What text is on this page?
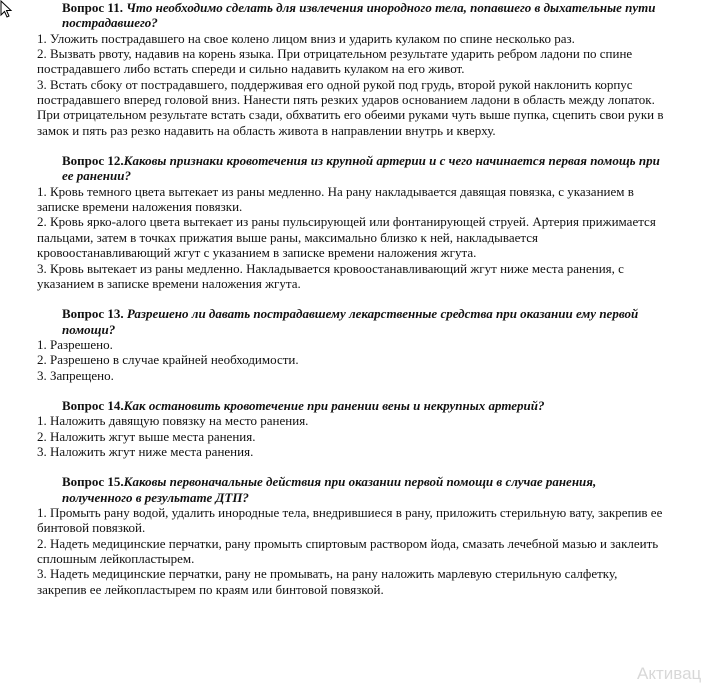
Вопрос 11. Что необходимо сделать для извлечения инородного тела, попавшего в дыхательные пути
пострадавшего?
1. Уложить пострадавшего на свое колено лицом вниз и ударить кулаком по спине несколько раз.
2. Вызвать рвоту, надавив на корень языка. При отрицательном результате ударить ребром ладони по спине
пострадавшего либо встать спереди и сильно надавить кулаком на его живот.
3. Встать сбоку от пострадавшего, поддерживая его одной рукой под грудь, второй рукой наклонить корпус
пострадавшего вперед головой вниз. Нанести пять резких ударов основанием ладони в область между лопаток.
При отрицательном результате встать сзади, обхватить его обеими руками чуть выше пупка, сцепить свои руки в
замок и пять раз резко надавить на область живота в направлении внутрь и кверху.
Вопрос 12.Каковы признаки кровотечения из крупной артерии и с чего начинается первая помощь при
ее ранении?
1. Кровь темного цвета вытекает из раны медленно. На рану накладывается давящая повязка, с указанием в
записке времени наложения повязки.
2. Кровь ярко-алого цвета вытекает из раны пульсирующей или фонтанирующей струей. Артерия прижимается
пальцами, затем в точках прижатия выше раны, максимально близко к ней, накладывается
кровоостанавливающий жгут с указанием в записке времени наложения жгута.
3. Кровь вытекает из раны медленно. Накладывается кровоостанавливающий жгут ниже места ранения, с
указанием в записке времени наложения жгута.
Вопрос 13. Разрешено ли давать пострадавшему лекарственные средства при оказании ему первой
помощи?
1. Разрешено.
2. Разрешено в случае крайней необходимости.
3. Запрещено.
Вопрос 14.Как остановить кровотечение при ранении вены и некрупных артерий?
1. Наложить давящую повязку на место ранения.
2. Наложить жгут выше места ранения.
3. Наложить жгут ниже места ранения.
Вопрос 15.Каковы первоначальные действия при оказании первой помощи в случае ранения,
полученного в результате ДТП?
1. Промыть рану водой, удалить инородные тела, внедрившиеся в рану, приложить стерильную вату, закрепив ее
бинтовой повязкой.
2. Надеть медицинские перчатки, рану промыть спиртовым раствором йода, смазать лечебной мазью и заклеить
сплошным лейкопластырем.
3. Надеть медицинские перчатки, рану не промывать, на рану наложить марлевую стерильную салфетку,
закрепив ее лейкопластырем по краям или бинтовой повязкой.
Активац
